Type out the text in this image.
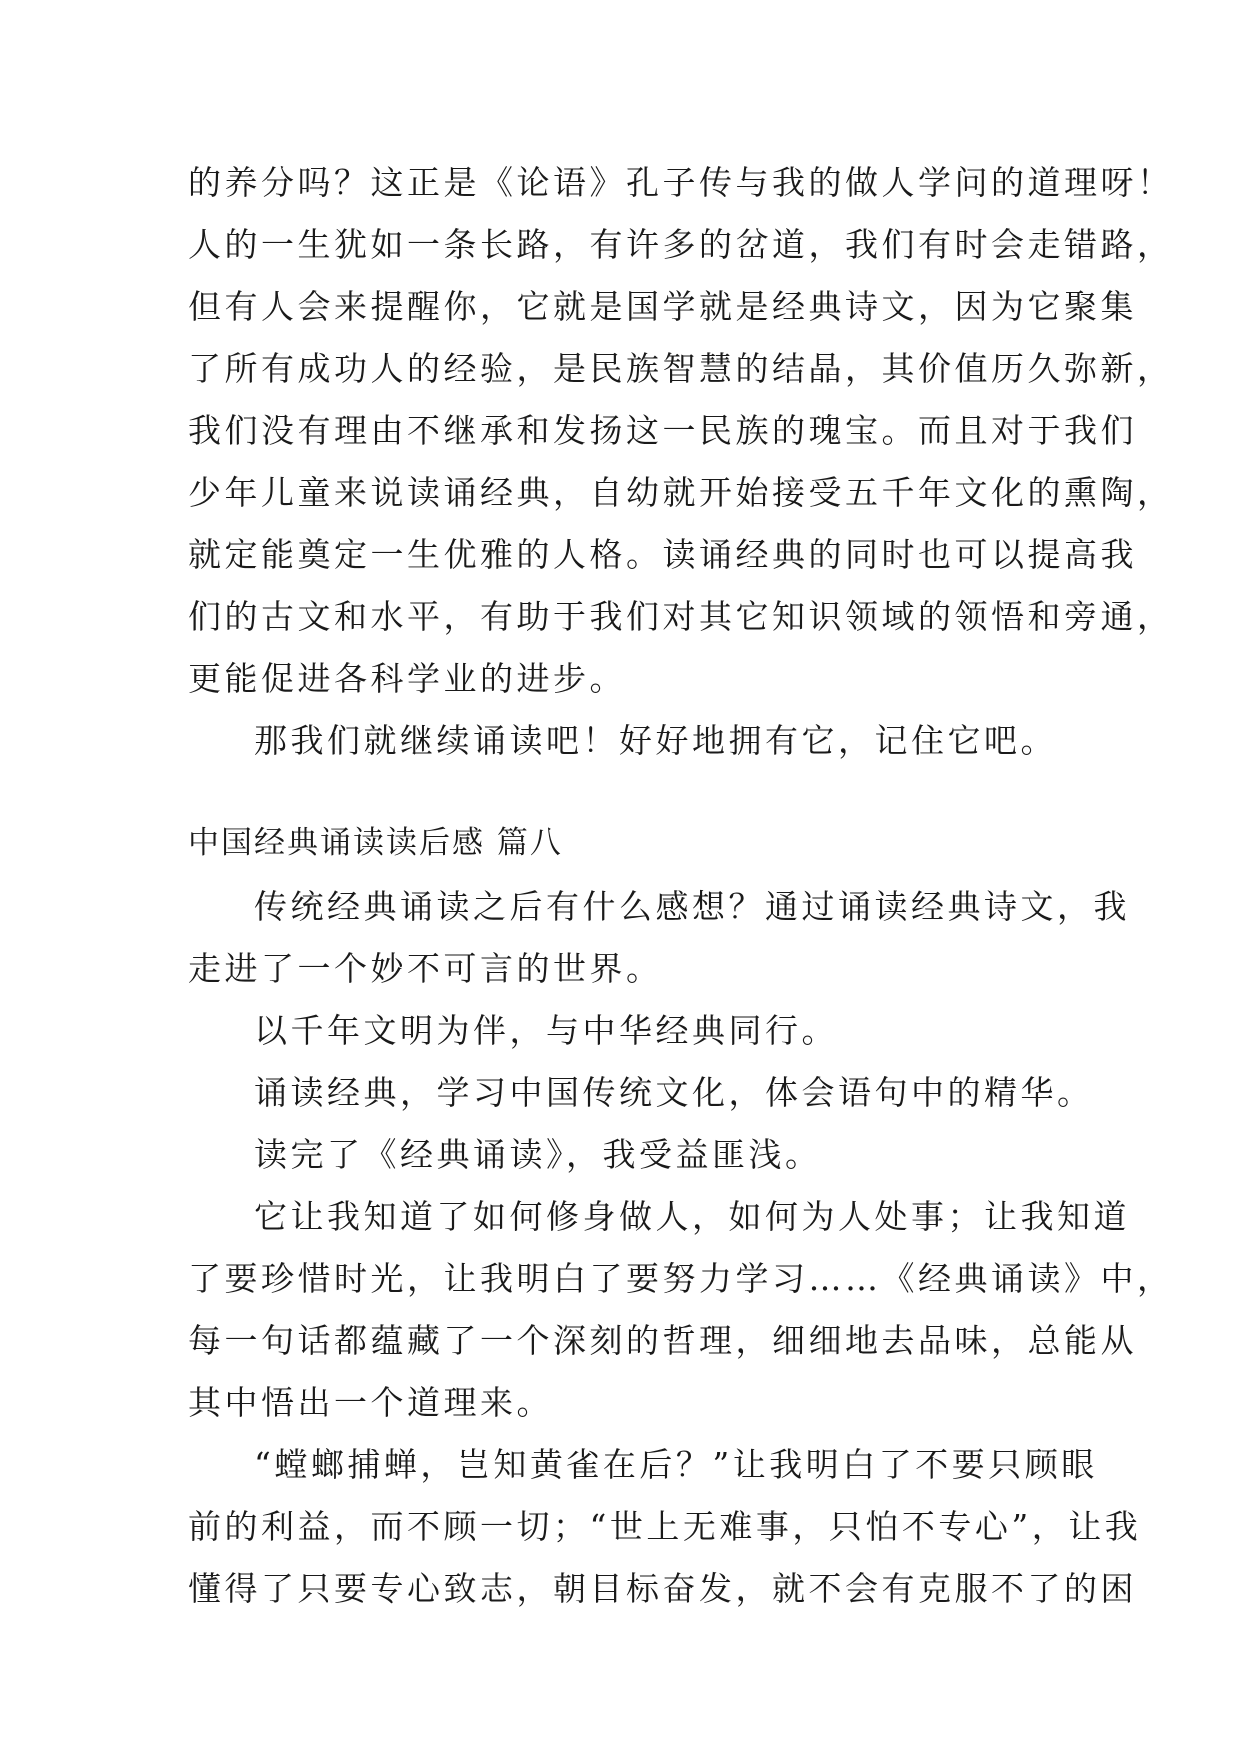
的养分吗？这正是《论语》孔子传与我的做人学问的道理呀！
人的一生犹如一条长路，有许多的岔道，我们有时会走错路，
但有人会来提醒你，它就是国学就是经典诗文，因为它聚集
了所有成功人的经验，是民族智慧的结晶，其价值历久弥新，
我们没有理由不继承和发扬这一民族的瑰宝。而且对于我们
少年儿童来说读诵经典，自幼就开始接受五千年文化的熏陶，
就定能奠定一生优雅的人格。读诵经典的同时也可以提高我
们的古文和水平，有助于我们对其它知识领域的领悟和旁通，
更能促进各科学业的进步。
那我们就继续诵读吧！好好地拥有它，记住它吧。
中国经典诵读读后感 篇八
传统经典诵读之后有什么感想？通过诵读经典诗文，我
走进了一个妙不可言的世界。
以千年文明为伴，与中华经典同行。
诵读经典，学习中国传统文化，体会语句中的精华。
读完了《经典诵读》，我受益匪浅。
它让我知道了如何修身做人，如何为人处事；让我知道
了要珍惜时光，让我明白了要努力学习……《经典诵读》中，
每一句话都蕴藏了一个深刻的哲理，细细地去品味，总能从
其中悟出一个道理来。
“螳螂捕蝉，岂知黄雀在后？”让我明白了不要只顾眼
前的利益，而不顾一切；“世上无难事，只怕不专心”，让我
懂得了只要专心致志，朝目标奋发，就不会有克服不了的困
